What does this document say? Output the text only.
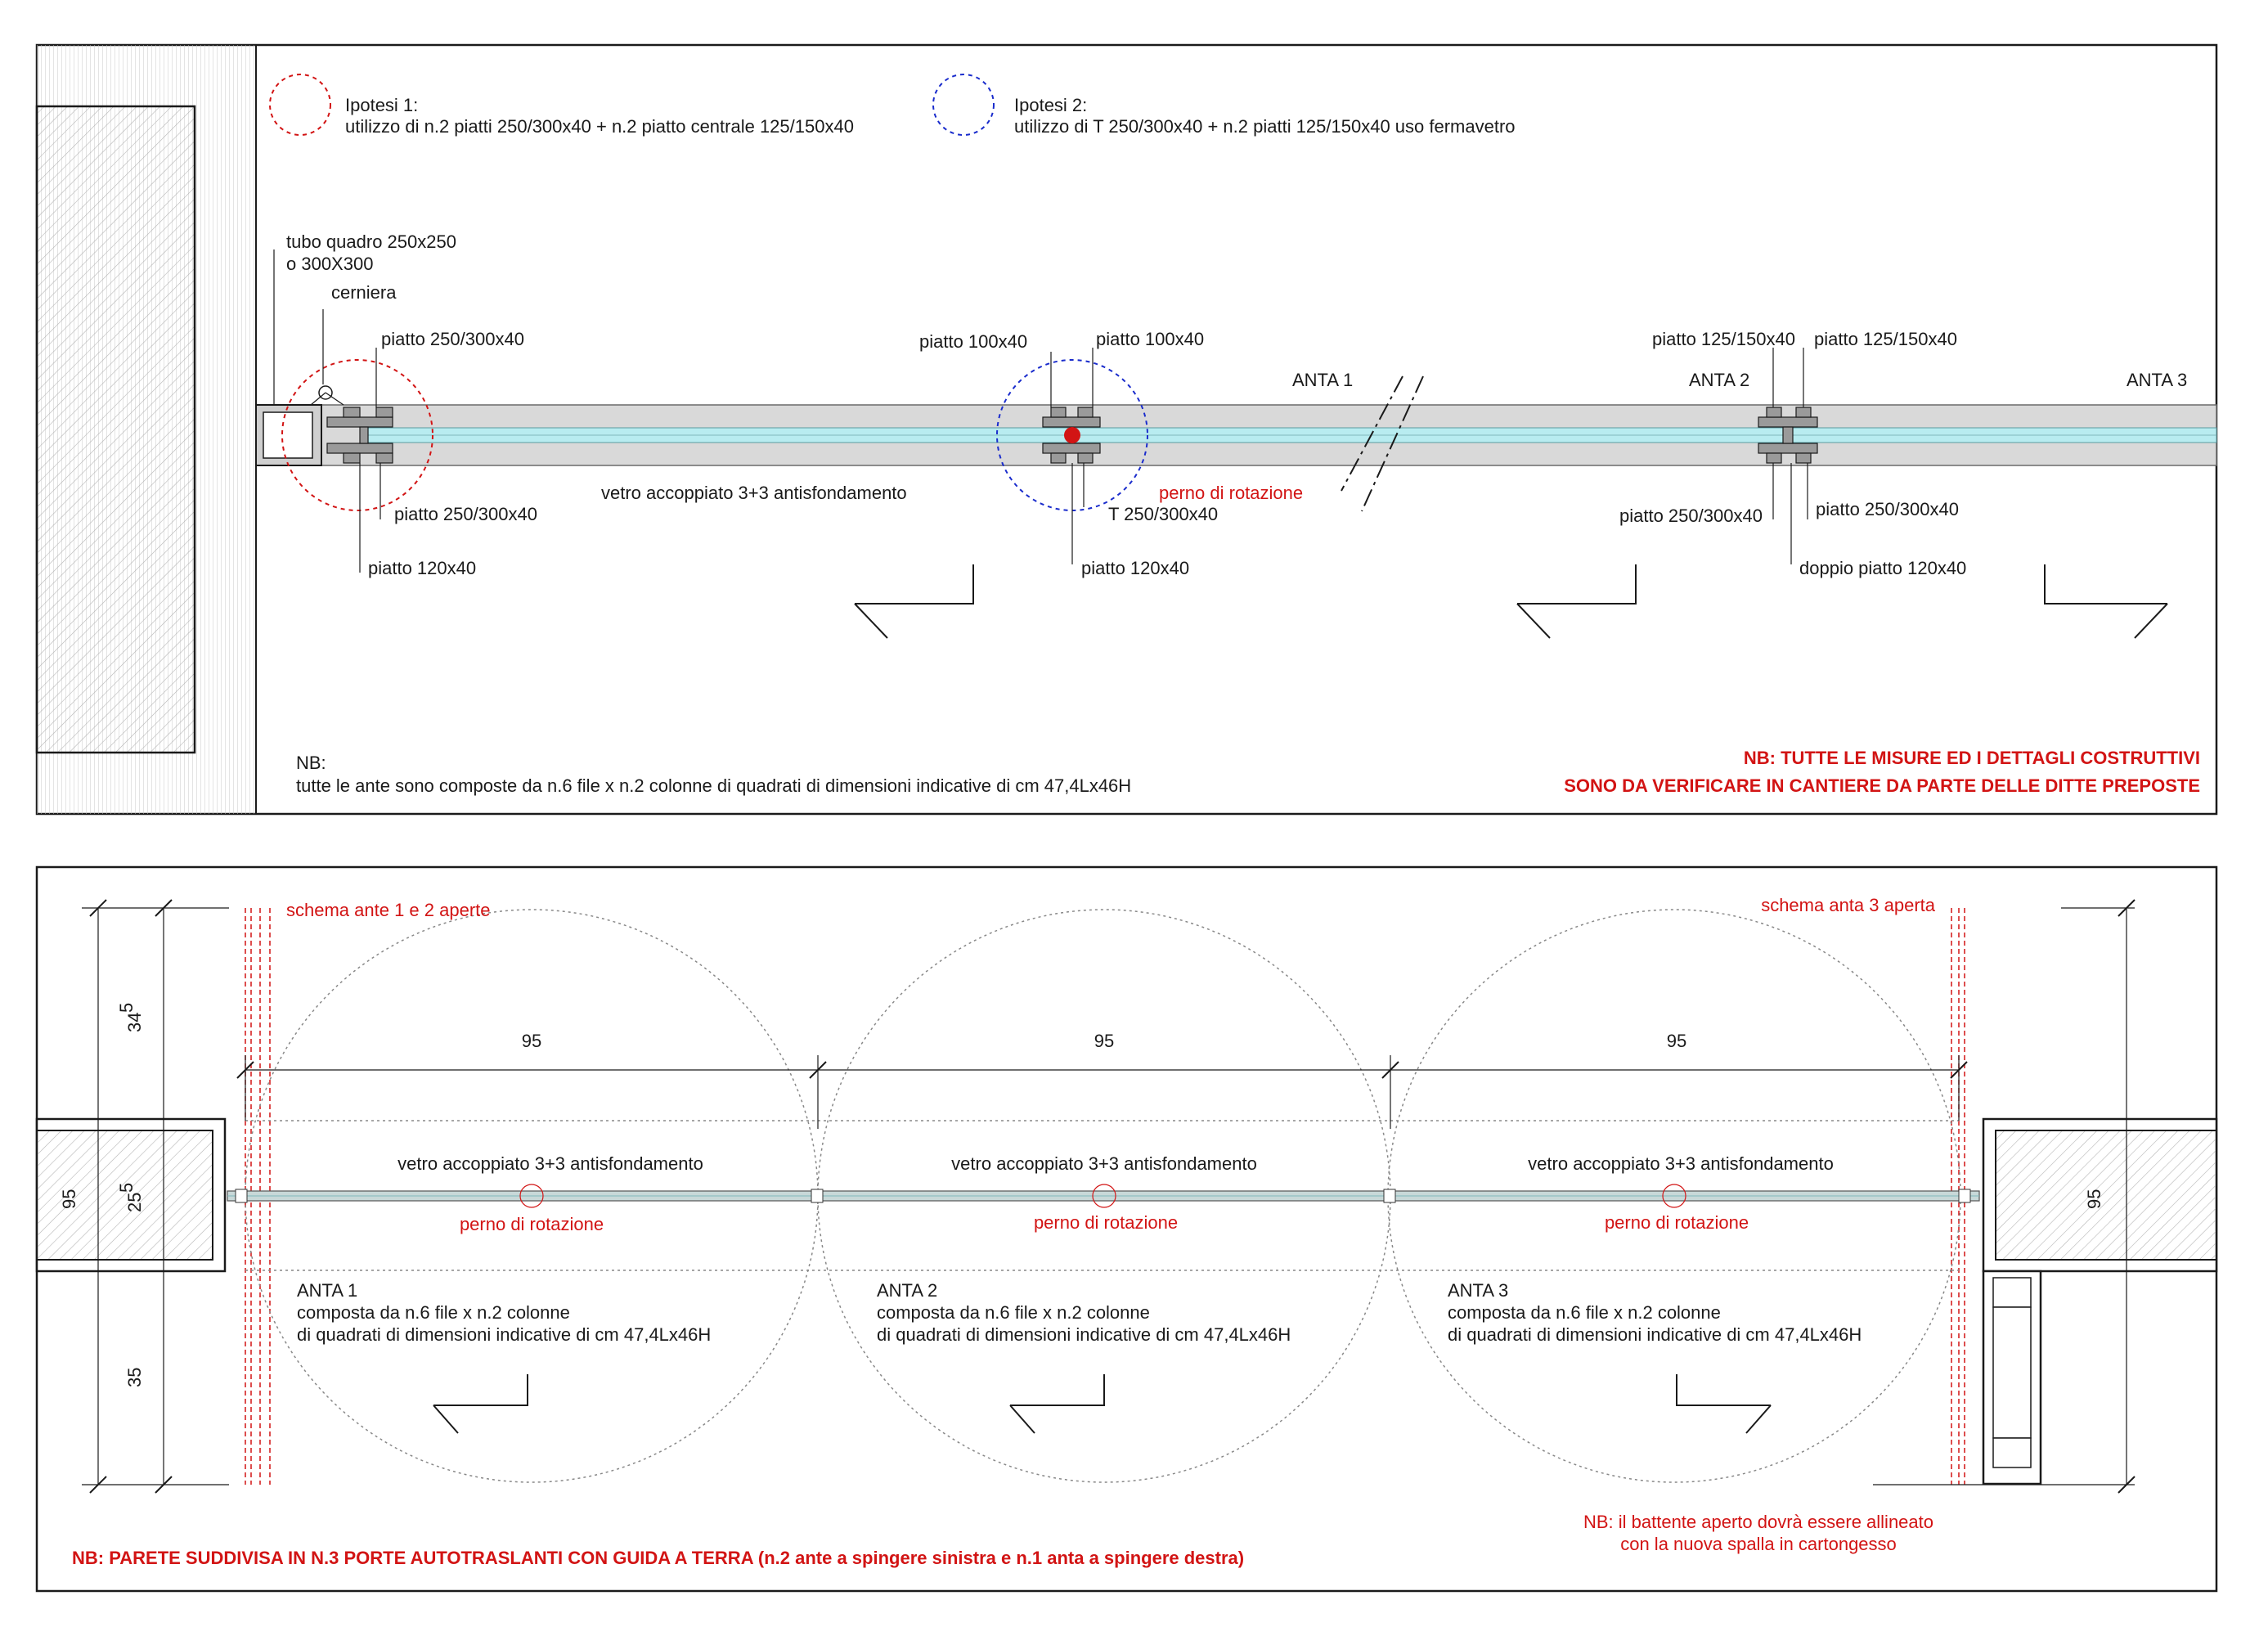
Ipotesi 1:
utilizzo di n.2 piatti 250/300x40 + n.2 piatto centrale 125/150x40
Ipotesi 2:
utilizzo di T 250/300x40 + n.2 piatti 125/150x40 uso fermavetro
tubo quadro 250x250
o 300X300
cerniera
piatto 250/300x40
piatto 250/300x40
piatto 120x40
vetro accoppiato 3+3 antisfondamento
piatto 100x40	piatto 100x40
perno di rotazione
T 250/300x40
piatto 120x40
ANTA 1	ANTA 2	ANTA 3
piatto 125/150x40 piatto 125/150x40
piatto 250/300x40	piatto 250/300x40
doppio piatto 120x40
NB:
tutte le ante sono composte da n.6 file x n.2 colonne di quadrati di dimensioni indicative di cm 47,4Lx46H
NB: TUTTE LE MISURE ED I DETTAGLI COSTRUTTIVI
SONO DA VERIFICARE IN CANTIERE DA PARTE DELLE DITTE PREPOSTE
95	95	95
34
5
95	25
5
35
95
schema ante 1 e 2 aperte	schema anta 3 aperta
vetro accoppiato 3+3 antisfondamento
perno di rotazione
ANTA 1
composta da n.6 file x n.2 colonne
di quadrati di dimensioni indicative di cm 47,4Lx46H
vetro accoppiato 3+3 antisfondamento
perno di rotazione
ANTA 2
composta da n.6 file x n.2 colonne
di quadrati di dimensioni indicative di cm 47,4Lx46H
vetro accoppiato 3+3 antisfondamento
perno di rotazione
ANTA 3
composta da n.6 file x n.2 colonne
di quadrati di dimensioni indicative di cm 47,4Lx46H
NB: PARETE SUDDIVISA IN N.3 PORTE AUTOTRASLANTI CON GUIDA A TERRA (n.2 ante a spingere sinistra e n.1 anta a spingere destra)
NB: il battente aperto dovrà essere allineato
con la nuova spalla in cartongesso
